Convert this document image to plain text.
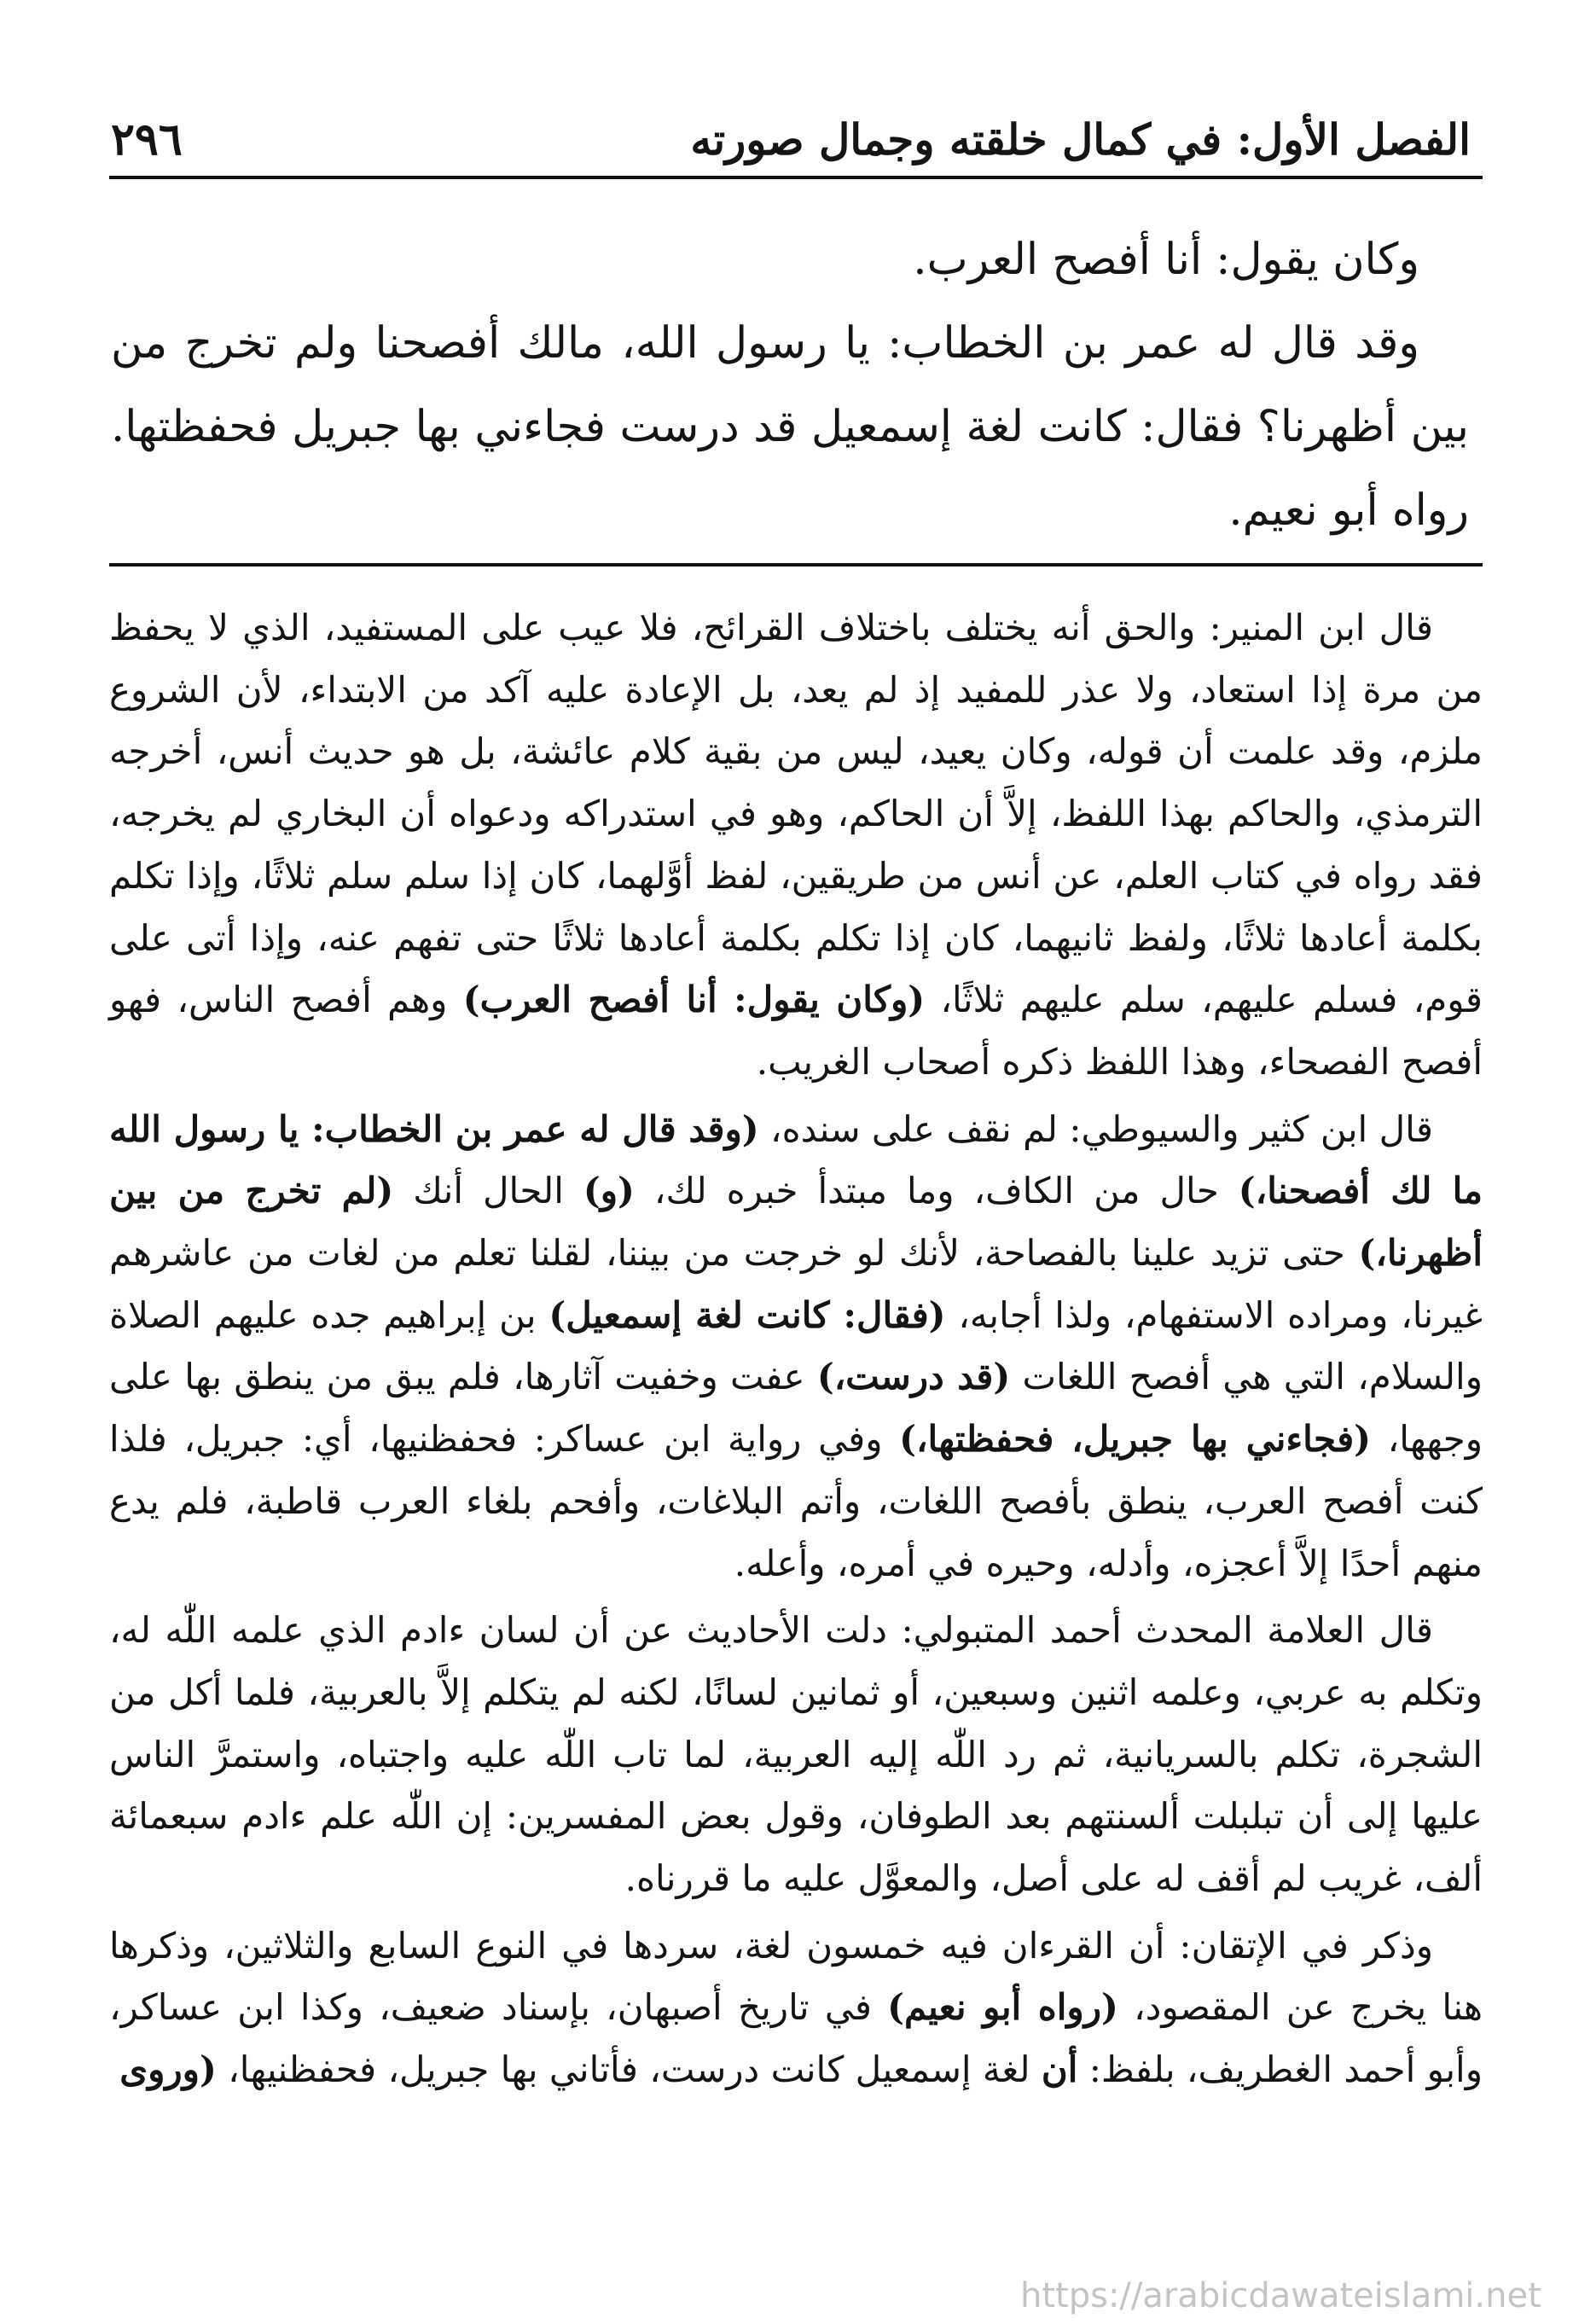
الفصل الأول: في كمال خلقته وجمال صورته
٢٩٦

وكان يقول: أنا أفصح العرب.

وقد قال له عمر بن الخطاب: يا رسول الله، مالك أفصحنا ولم تخرج من بين أظهرنا؟ فقال: كانت لغة إسمعيل قد درست فجاءني بها جبريل فحفظتها. رواه أبو نعيم.

قال ابن المنير: والحق أنه يختلف باختلاف القرائح، فلا عيب على المستفيد، الذي لا يحفظ من مرة إذا استعاد، ولا عذر للمفيد إذ لم يعد، بل الإعادة عليه آكد من الابتداء، لأن الشروع ملزم، وقد علمت أن قوله، وكان يعيد، ليس من بقية كلام عائشة، بل هو حديث أنس، أخرجه الترمذي، والحاكم بهذا اللفظ، إلاَّ أن الحاكم، وهو في استدراكه ودعواه أن البخاري لم يخرجه، فقد رواه في كتاب العلم، عن أنس من طريقين، لفظ أوَّلهما، كان إذا سلم سلم ثلاثًا، وإذا تكلم بكلمة أعادها ثلاثًا، ولفظ ثانيهما، كان إذا تكلم بكلمة أعادها ثلاثًا حتى تفهم عنه، وإذا أتى على قوم، فسلم عليهم، سلم عليهم ثلاثًا، (وكان يقول: أنا أفصح العرب) وهم أفصح الناس، فهو أفصح الفصحاء، وهذا اللفظ ذكره أصحاب الغريب.

قال ابن كثير والسيوطي: لم نقف على سنده، (وقد قال له عمر بن الخطاب: يا رسول الله ما لك أفصحنا،) حال من الكاف، وما مبتدأ خبره لك، (و) الحال أنك (لم تخرج من بين أظهرنا،) حتى تزيد علينا بالفصاحة، لأنك لو خرجت من بيننا، لقلنا تعلم من لغات من عاشرهم غيرنا، ومراده الاستفهام، ولذا أجابه، (فقال: كانت لغة إسمعيل) بن إبراهيم جده عليهم الصلاة والسلام، التي هي أفصح اللغات (قد درست،) عفت وخفيت آثارها، فلم يبق من ينطق بها على وجهها، (فجاءني بها جبريل، فحفظتها،) وفي رواية ابن عساكر: فحفظنيها، أي: جبريل، فلذا كنت أفصح العرب، ينطق بأفصح اللغات، وأتم البلاغات، وأفحم بلغاء العرب قاطبة، فلم يدع منهم أحدًا إلاَّ أعجزه، وأدله، وحيره في أمره، وأعله.

قال العلامة المحدث أحمد المتبولي: دلت الأحاديث عن أن لسان ءادم الذي علمه اللّٰه له، وتكلم به عربي، وعلمه اثنين وسبعين، أو ثمانين لسانًا، لكنه لم يتكلم إلاَّ بالعربية، فلما أكل من الشجرة، تكلم بالسريانية، ثم رد اللّٰه إليه العربية، لما تاب اللّٰه عليه واجتباه، واستمرَّ الناس عليها إلى أن تبلبلت ألسنتهم بعد الطوفان، وقول بعض المفسرين: إن اللّٰه علم ءادم سبعمائة ألف، غريب لم أقف له على أصل، والمعوَّل عليه ما قررناه.

وذكر في الإتقان: أن القرءان فيه خمسون لغة، سردها في النوع السابع والثلاثين، وذكرها هنا يخرج عن المقصود، (رواه أبو نعيم) في تاريخ أصبهان، بإسناد ضعيف، وكذا ابن عساكر، وأبو أحمد الغطريف، بلفظ: أن لغة إسمعيل كانت درست، فأتاني بها جبريل، فحفظنيها، (وروى

https://arabicdawateislami.net
